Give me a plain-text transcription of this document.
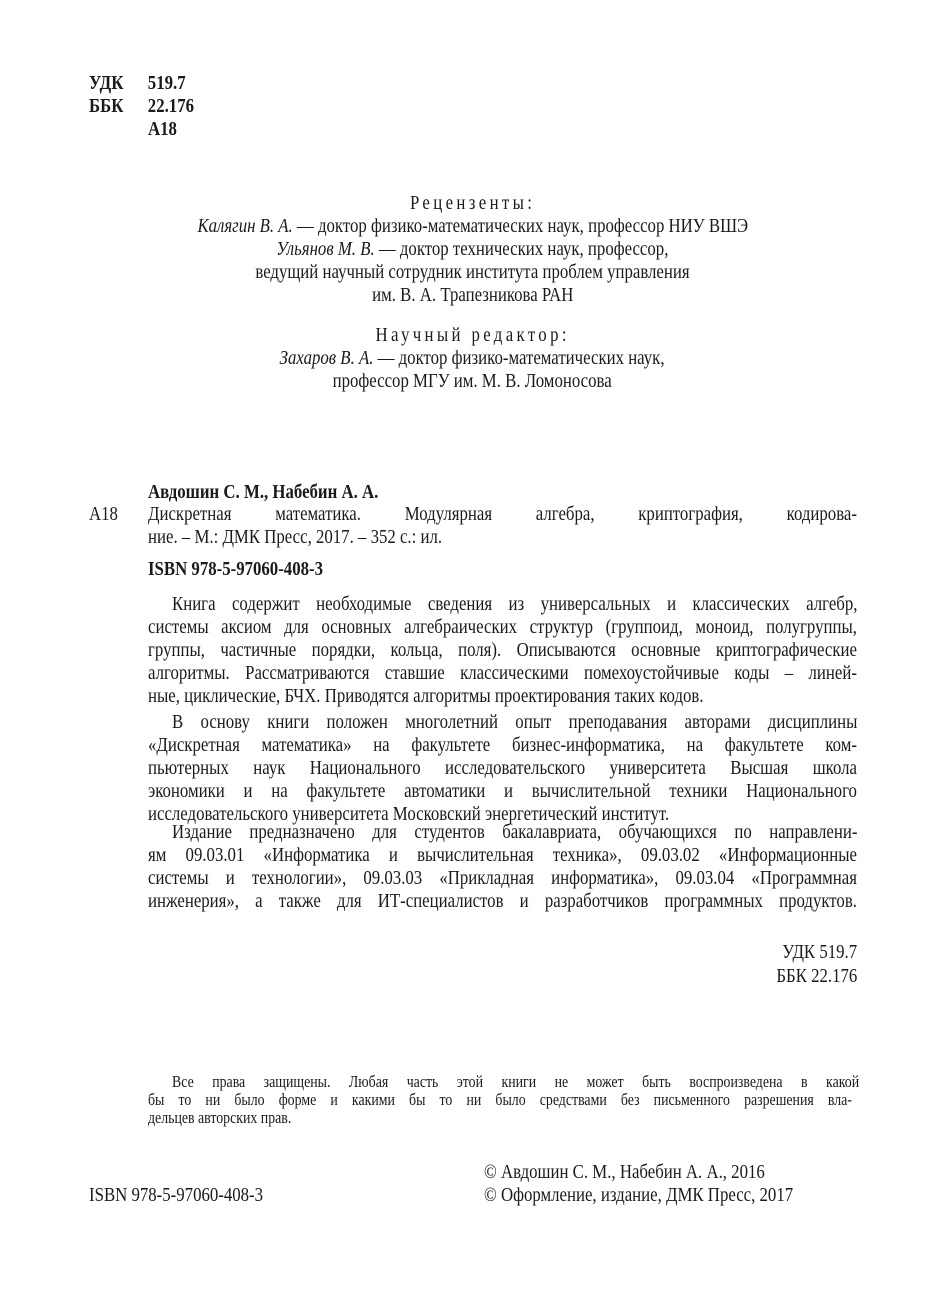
УДК 519.7
ББК 22.176
А18
Рецензенты:
Калягин В. А. — доктор физико-математических наук, профессор НИУ ВШЭ
Ульянов М. В. — доктор технических наук, профессор,
ведущий научный сотрудник института проблем управления
им. В. А. Трапезникова РАН
Научный редактор:
Захаров В. А. — доктор физико-математических наук,
профессор МГУ им. М. В. Ломоносова
Авдошин С. М., Набебин А. А.
А18 Дискретная математика. Модулярная алгебра, криптография, кодирова-
ние. – М.: ДМК Пресс, 2017. – 352 с.: ил.
ISBN 978-5-97060-408-3
Книга содержит необходимые сведения из универсальных и классических алгебр,
системы аксиом для основных алгебраических структур (группоид, моноид, полугруппы,
группы, частичные порядки, кольца, поля). Описываются основные криптографические
алгоритмы. Рассматриваются ставшие классическими помехоустойчивые коды – линей-
ные, циклические, БЧХ. Приводятся алгоритмы проектирования таких кодов.
В основу книги положен многолетний опыт преподавания авторами дисциплины
«Дискретная математика» на факультете бизнес-информатика, на факультете ком-
пьютерных наук Национального исследовательского университета Высшая школа
экономики и на факультете автоматики и вычислительной техники Национального
исследовательского университета Московский энергетический институт.
Издание предназначено для студентов бакалавриата, обучающихся по направлени-
ям 09.03.01 «Информатика и вычислительная техника», 09.03.02 «Информационные
системы и технологии», 09.03.03 «Прикладная информатика», 09.03.04 «Программная
инженерия», а также для ИТ-специалистов и разработчиков программных продуктов.
УДК 519.7
ББК 22.176
Все права защищены. Любая часть этой книги не может быть воспроизведена в какой
бы то ни было форме и какими бы то ни было средствами без письменного разрешения вла-
дельцев авторских прав.
© Авдошин С. М., Набебин А. А., 2016
© Оформление, издание, ДМК Пресс, 2017
ISBN 978-5-97060-408-3
